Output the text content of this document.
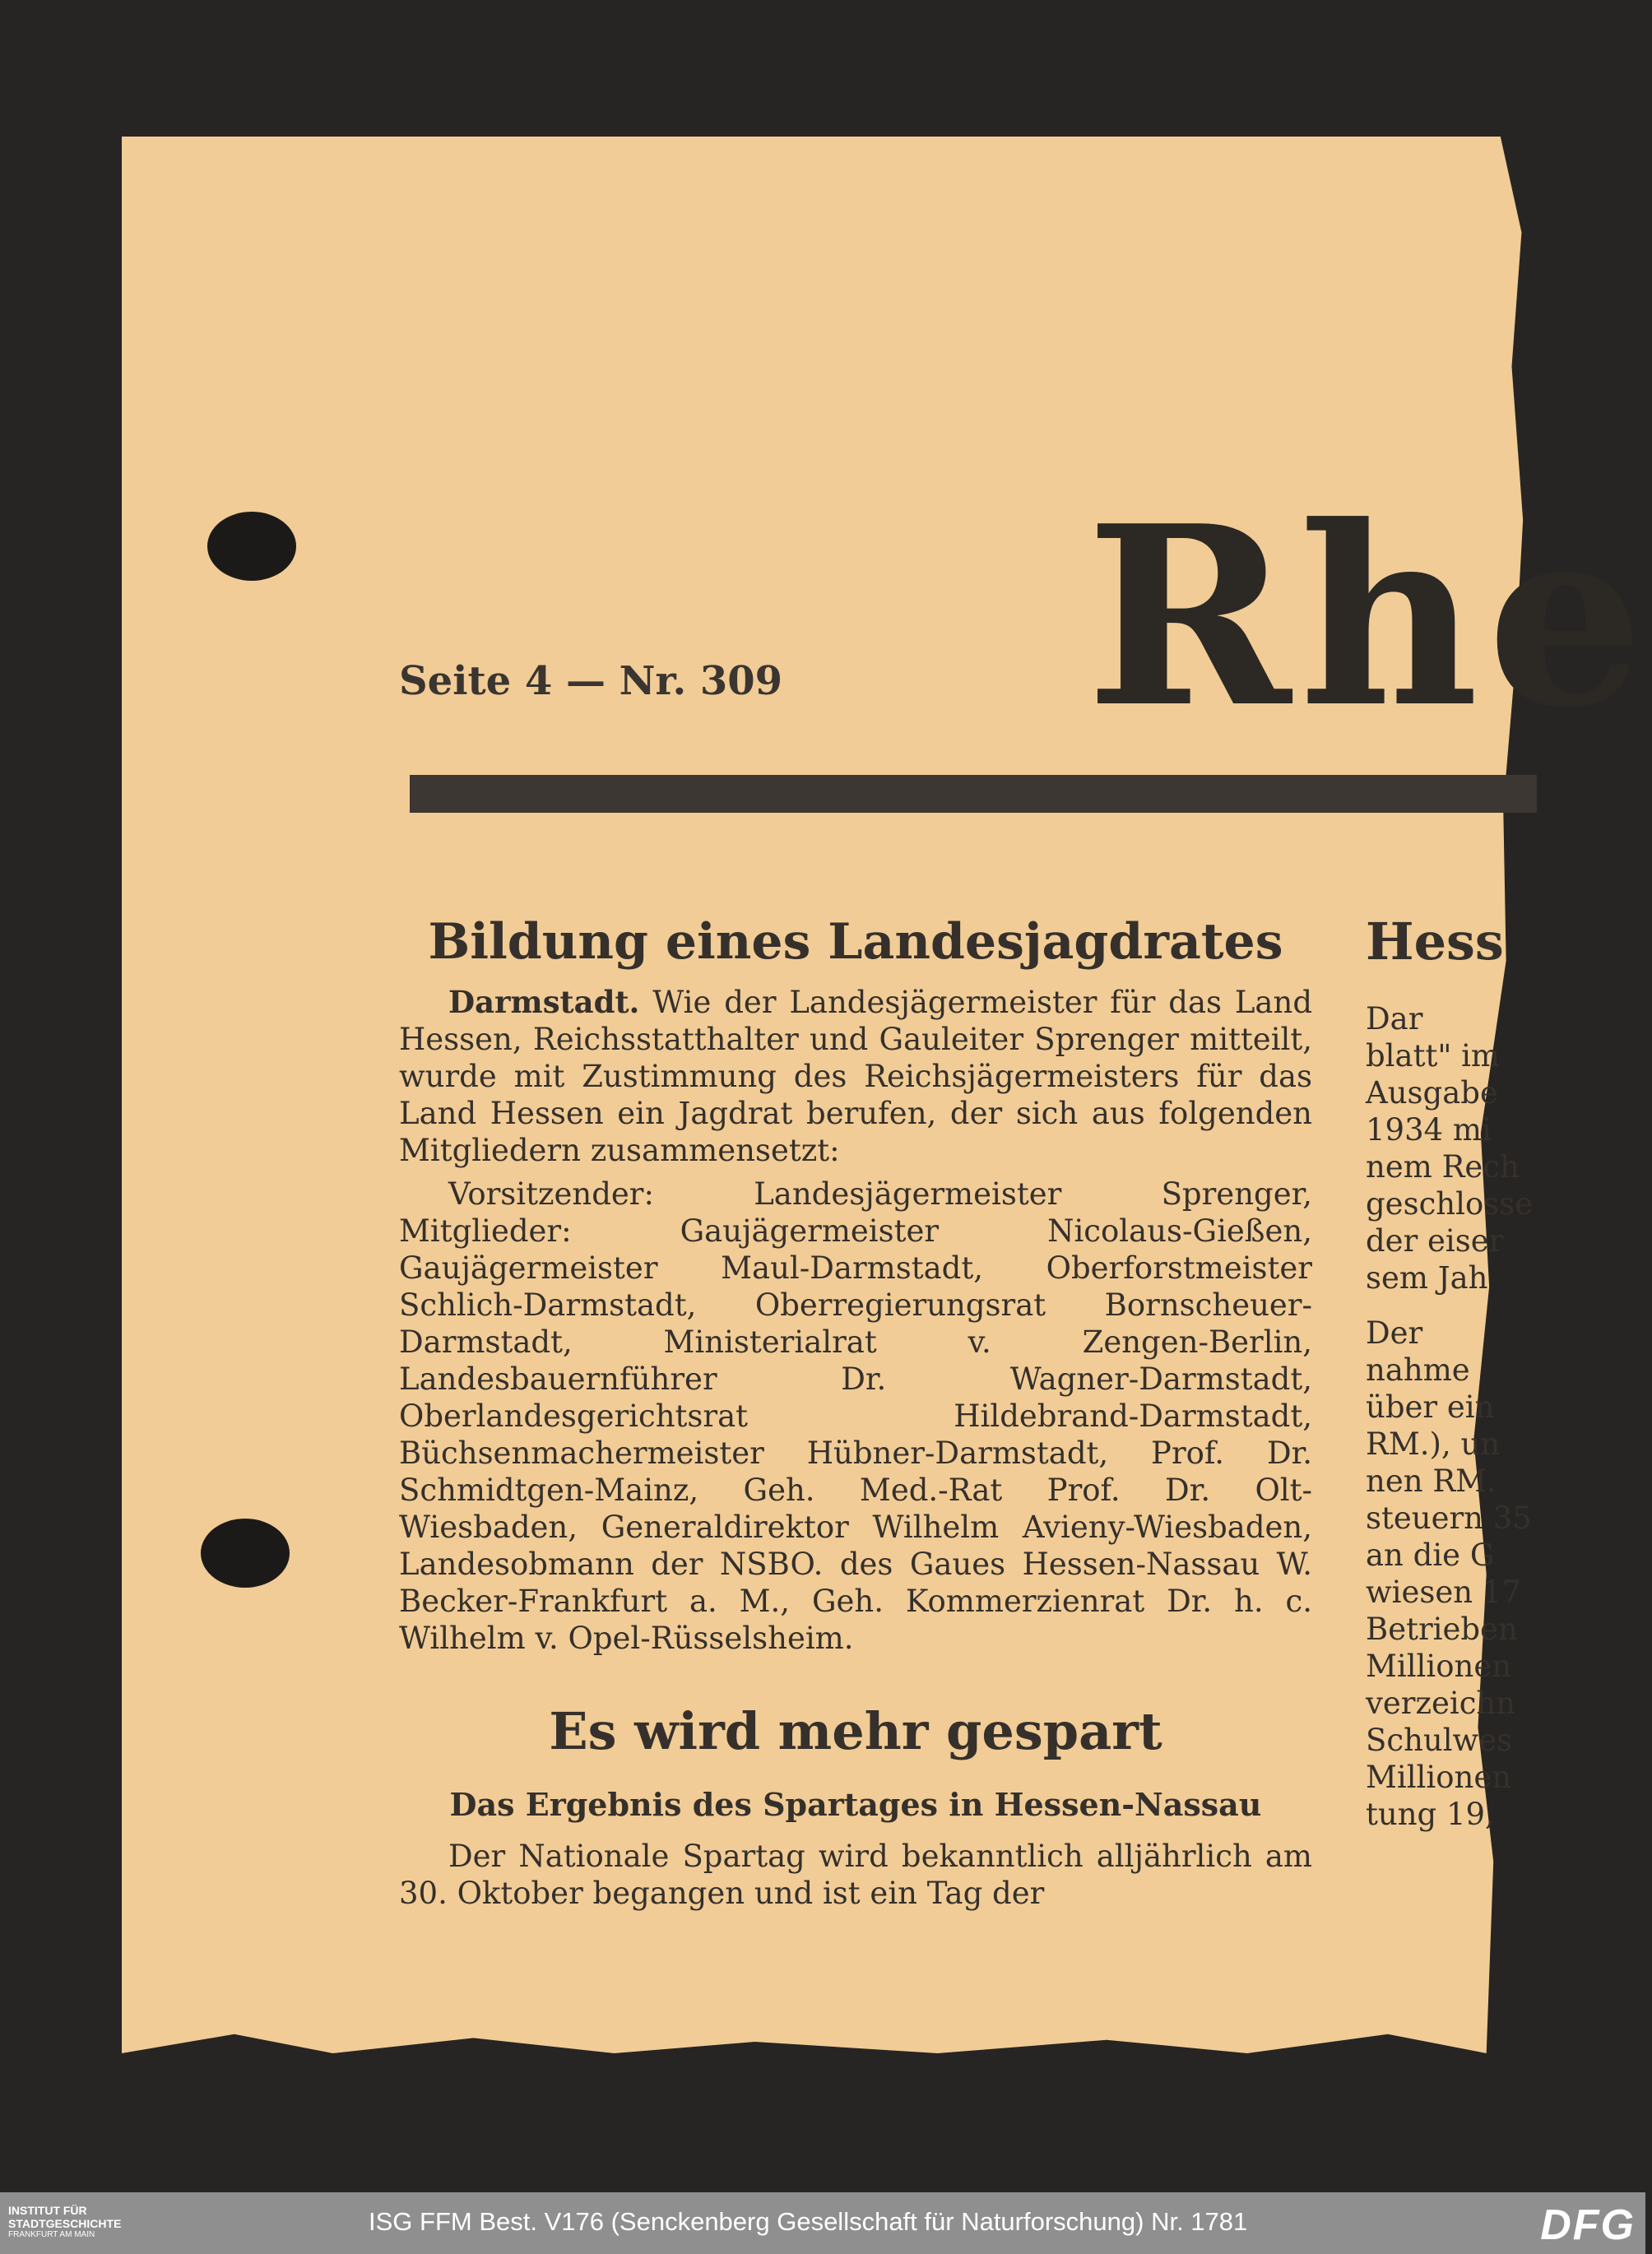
Seite 4 — Nr. 309 Rhe
Bildung eines Landesjagdrates

Darmstadt. Wie der Landesjägermeister für das Land Hessen, Reichsstatthalter und Gauleiter Sprenger mitteilt, wurde mit Zustimmung des Reichsjägermeisters für das Land Hessen ein Jagdrat berufen, der sich aus folgenden Mitgliedern zusammensetzt:

Vorsitzender: Landesjägermeister Sprenger, Mitglieder: Gaujägermeister Nicolaus-Gießen, Gaujägermeister Maul-Darmstadt, Oberforstmeister Schlich-Darmstadt, Oberregierungsrat Bornscheuer-Darmstadt, Ministerialrat v. Zengen-Berlin, Landesbauernführer Dr. Wagner-Darmstadt, Oberlandesgerichtsrat Hildebrand-Darmstadt, Büchsenmachermeister Hübner-Darmstadt, Prof. Dr. Schmidtgen-Mainz, Geh. Med.-Rat Prof. Dr. Olt-Wiesbaden, Generaldirektor Wilhelm Avieny-Wiesbaden, Landesobmann der NSBO. des Gaues Hessen-Nassau W. Becker-Frankfurt a. M., Geh. Kommerzienrat Dr. h. c. Wilhelm v. Opel-Rüsselsheim.

Es wird mehr gespart
Das Ergebnis des Spartages in Hessen-Nassau

Der Nationale Spartag wird bekanntlich alljährlich am 30. Oktober begangen und ist ein Tag der

Hess
Dar
blatt" im
Ausgabe
1934 mi
nem Rech
geschlosse
der eiser
sem Jah
Der
nahme
über ein
RM.), un
nen RM.
steuern 35
an die G
wiesen 17
Betrieben
Millionen
verzeichn
Schulwes
Millionen
tung 19,
INSTITUT FÜR
STADTGESCHICHTE
FRANKFURT AM MAIN	ISG FFM Best. V176 (Senckenberg Gesellschaft für Naturforschung) Nr. 1781	DFG
